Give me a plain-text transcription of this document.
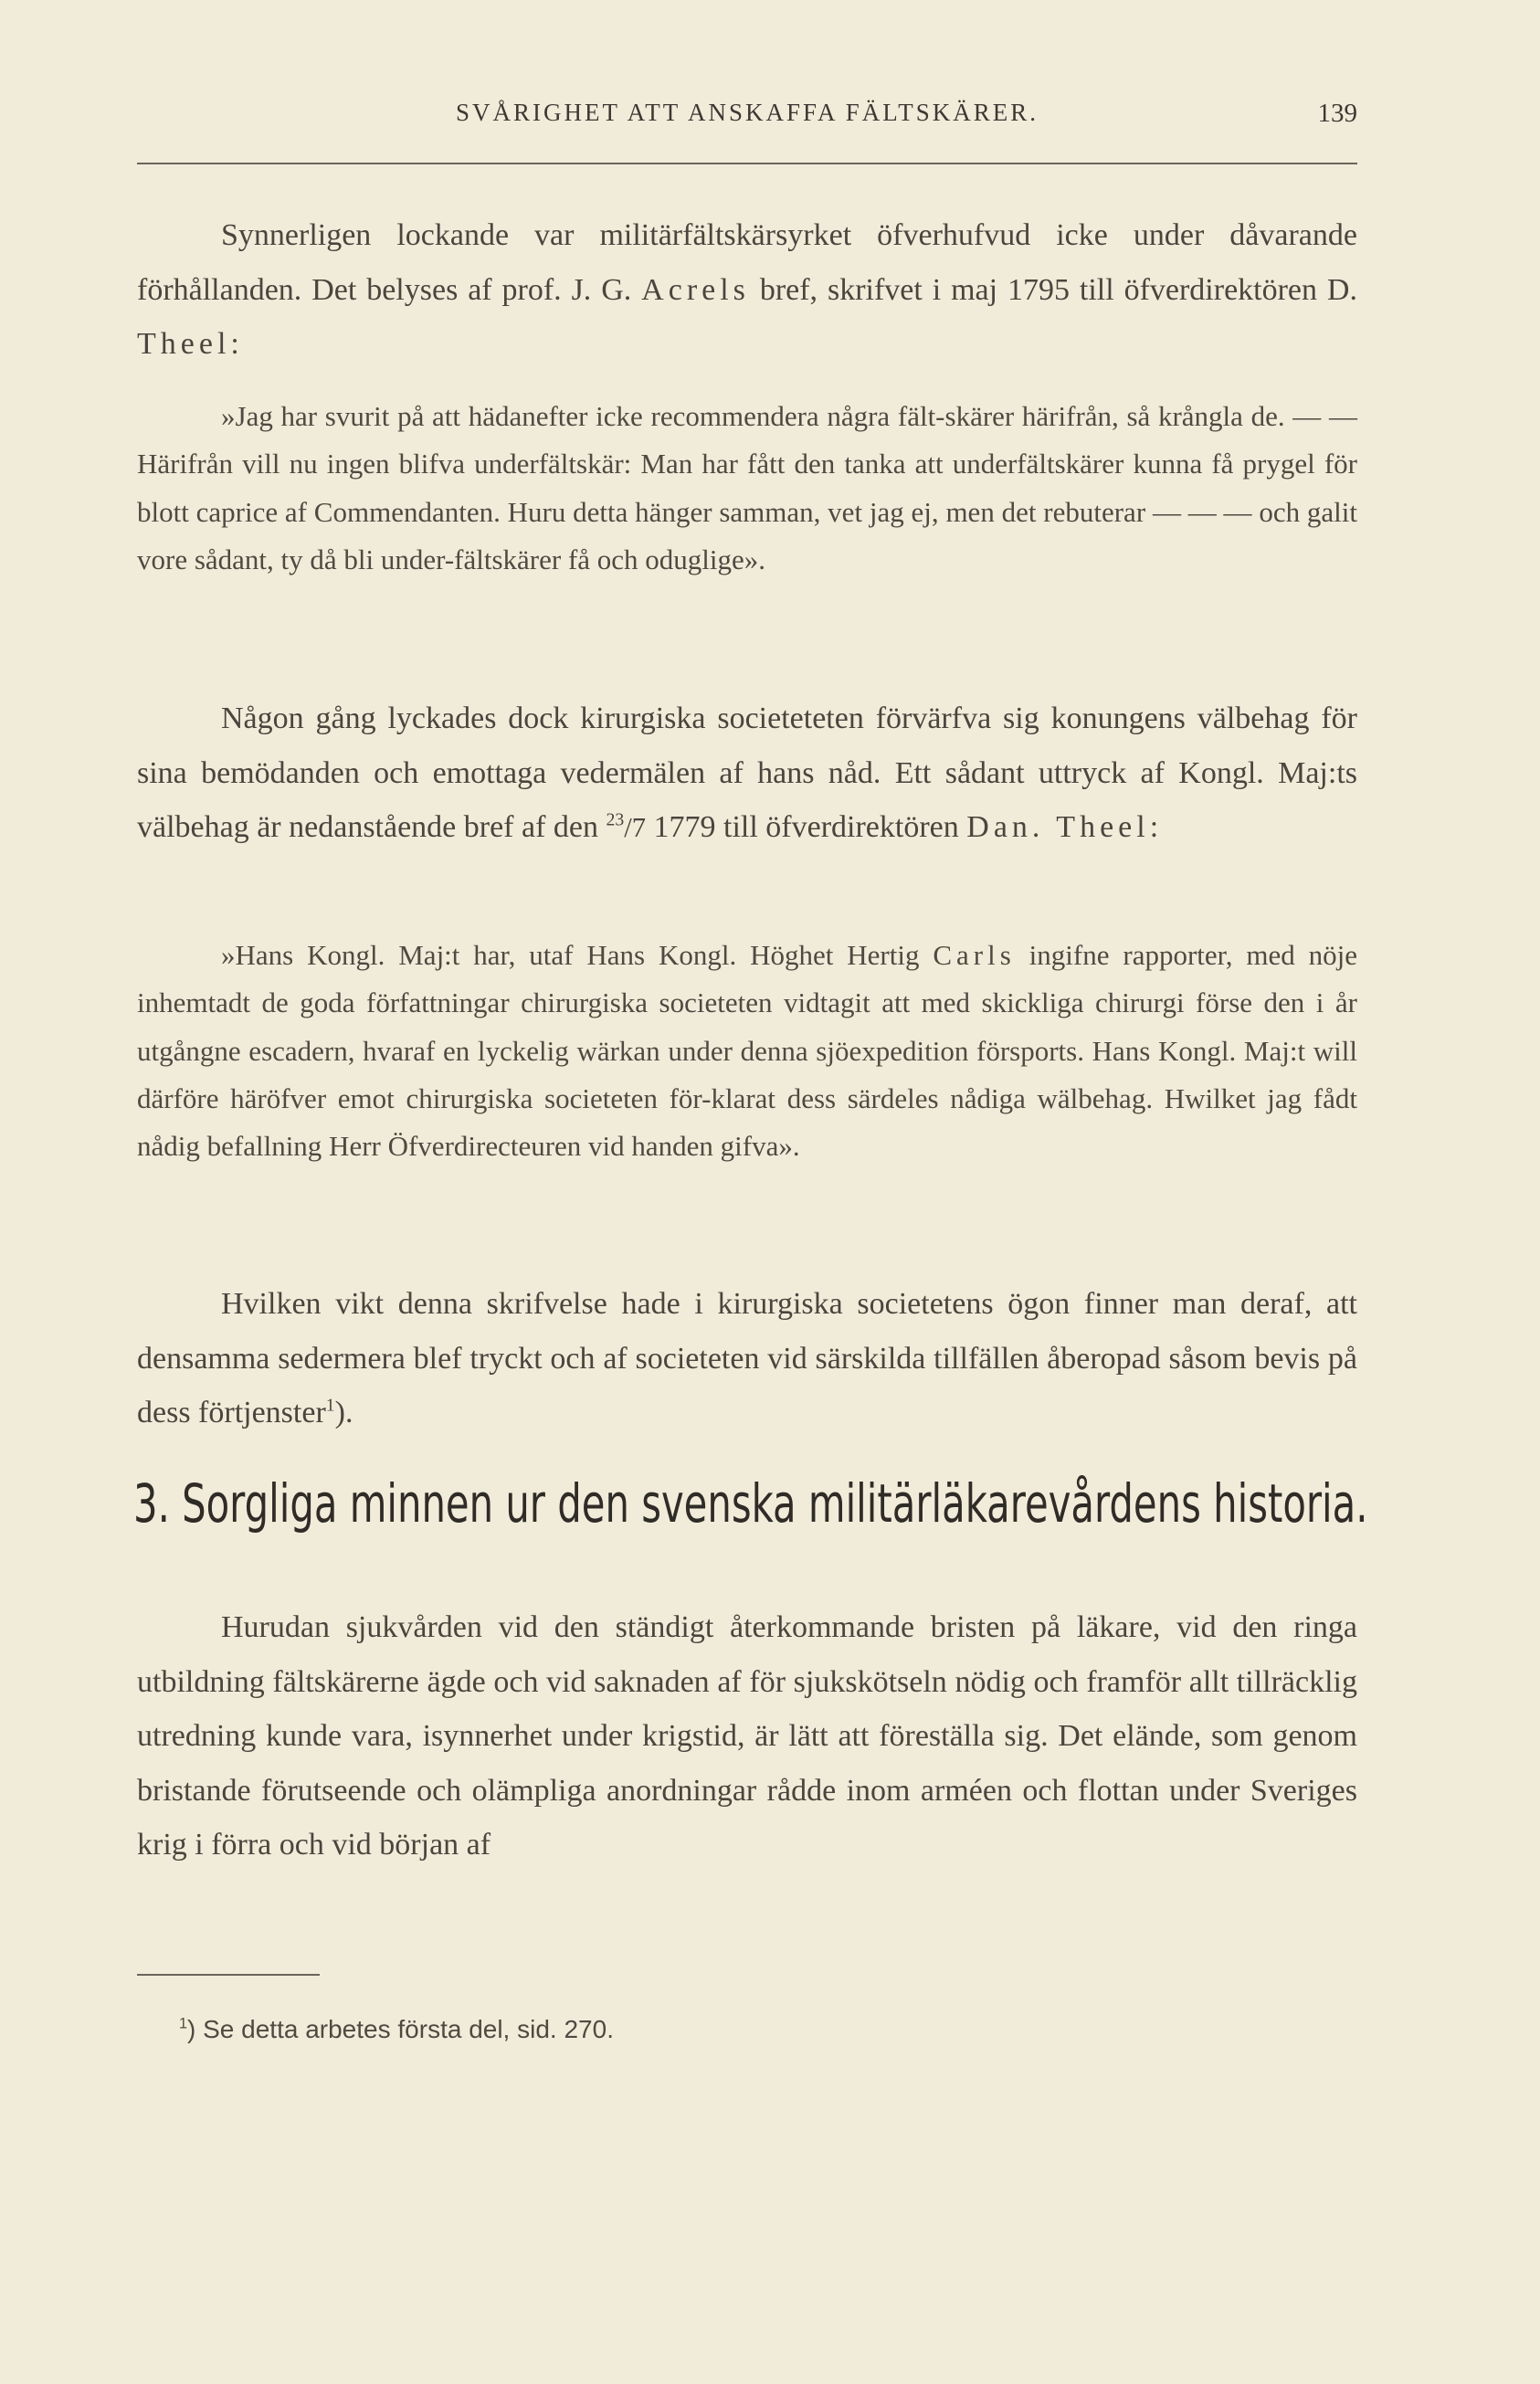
SVÅRIGHET ATT ANSKAFFA FÄLTSKÄRER.	139

Synnerligen lockande var militärfältskärsyrket öfverhufvud icke under dåvarande förhållanden. Det belyses af prof. J. G. Acrels bref, skrifvet i maj 1795 till öfverdirektören D. Theel:

»Jag har svurit på att hädanefter icke recommendera några fält-skärer härifrån, så krångla de. — — Härifrån vill nu ingen blifva underfältskär: Man har fått den tanka att underfältskärer kunna få prygel för blott caprice af Commendanten. Huru detta hänger samman, vet jag ej, men det rebuterar — — — och galit vore sådant, ty då bli under-fältskärer få och oduglige».

Någon gång lyckades dock kirurgiska societeteten förvärfva sig konungens välbehag för sina bemödanden och emottaga vedermälen af hans nåd. Ett sådant uttryck af Kongl. Maj:ts välbehag är nedanstående bref af den $^{23}$/7 1779 till öfverdirektören Dan. Theel:

»Hans Kongl. Maj:t har, utaf Hans Kongl. Höghet Hertig Carls ingifne rapporter, med nöje inhemtadt de goda författningar chirurgiska societeten vidtagit att med skickliga chirurgi förse den i år utgångne escadern, hvaraf en lyckelig wärkan under denna sjöexpedition försports. Hans Kongl. Maj:t will därföre häröfver emot chirurgiska societeten för-klarat dess särdeles nådiga wälbehag. Hwilket jag fådt nådig befallning Herr Öfverdirecteuren vid handen gifva».

Hvilken vikt denna skrifvelse hade i kirurgiska societetens ögon finner man deraf, att densamma sedermera blef tryckt och af societeten vid särskilda tillfällen åberopad såsom bevis på dess förtjenster$^1$).

3. Sorgliga minnen ur den svenska militärläkarevårdens historia.

Hurudan sjukvården vid den ständigt återkommande bristen på läkare, vid den ringa utbildning fältskärerne ägde och vid saknaden af för sjukskötseln nödig och framför allt tillräcklig utredning kunde vara, isynnerhet under krigstid, är lätt att föreställa sig. Det elände, som genom bristande förutseende och olämpliga anordningar rådde inom arméen och flottan under Sveriges krig i förra och vid början af

$^1$) Se detta arbetes första del, sid. 270.
